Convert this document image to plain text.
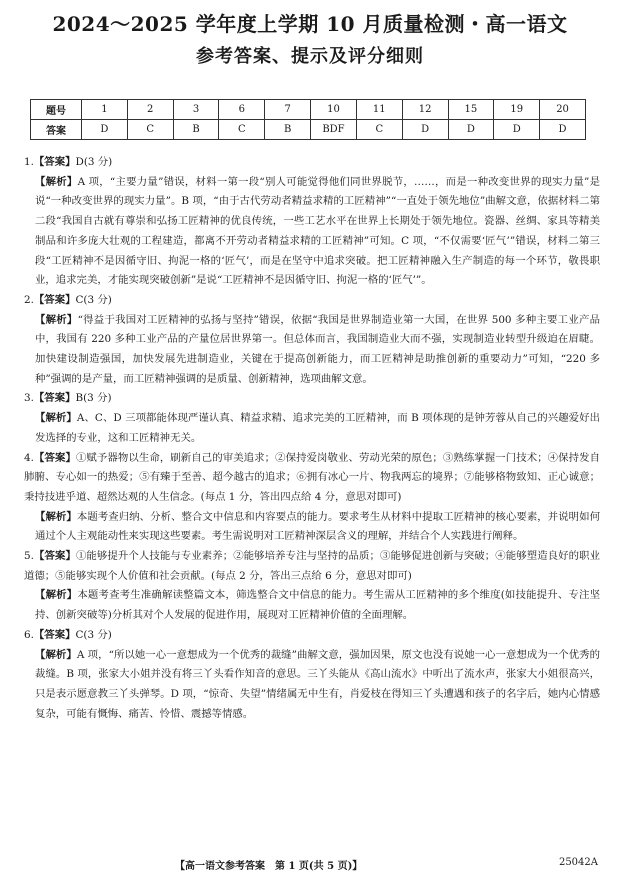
2024～2025 学年度上学期 10 月质量检测・高一语文
参考答案、提示及评分细则
题号	1	2	3	6	7	10	11	12	15	19	20
答案	D	C	B	C	B	BDF	C	D	D	D	D

1.【答案】D(3 分)

【解析】A 项，“主要力量”错误，材料一第一段“别人可能觉得他们同世界脱节，……，而是一种改变世界的现实力量”是说“一种改变世界的现实力量”。B 项，“由于古代劳动者精益求精的工匠精神”“一直处于领先地位”曲解文意，依据材料二第二段“我国自古就有尊崇和弘扬工匠精神的优良传统，一些工艺水平在世界上长期处于领先地位。瓷器、丝绸、家具等精美制品和许多庞大壮观的工程建造，都离不开劳动者精益求精的工匠精神”可知。C 项，“不仅需要‘匠气’”错误，材料二第三段“工匠精神不是因循守旧、拘泥一格的‘匠气’，而是在坚守中追求突破。把工匠精神融入生产制造的每一个环节，敬畏职业，追求完美，才能实现突破创新”是说“工匠精神不是因循守旧、拘泥一格的‘匠气’”。

2.【答案】C(3 分)

【解析】“得益于我国对工匠精神的弘扬与坚持”错误，依据“我国是世界制造业第一大国，在世界 500 多种主要工业产品中，我国有 220 多种工业产品的产量位居世界第一。但总体而言，我国制造业大而不强，实现制造业转型升级迫在眉睫。加快建设制造强国，加快发展先进制造业，关键在于提高创新能力，而工匠精神是助推创新的重要动力”可知，“220 多种”强调的是产量，而工匠精神强调的是质量、创新精神，选项曲解文意。

3.【答案】B(3 分)

【解析】A、C、D 三项都能体现严谨认真、精益求精、追求完美的工匠精神，而 B 项体现的是钟芳蓉从自己的兴趣爱好出发选择的专业，这和工匠精神无关。

4.【答案】①赋予器物以生命，刷新自己的审美追求；②保持爱岗敬业、劳动光荣的原色；③熟练掌握一门技术；④保持发自肺腑、专心如一的热爱；⑤有臻于至善、超今越古的追求；⑥拥有冰心一片、物我两忘的境界；⑦能够格物致知、正心诚意；秉持技进乎道、超然达观的人生信念。(每点 1 分，答出四点给 4 分，意思对即可)

【解析】本题考查归纳、分析、整合文中信息和内容要点的能力。要求考生从材料中提取工匠精神的核心要素，并说明如何通过个人主观能动性来实现这些要素。考生需说明对工匠精神深层含义的理解，并结合个人实践进行阐释。

5.【答案】①能够提升个人技能与专业素养；②能够培养专注与坚持的品质；③能够促进创新与突破；④能够塑造良好的职业道德；⑤能够实现个人价值和社会贡献。(每点 2 分，答出三点给 6 分，意思对即可)

【解析】本题考查考生准确解读整篇文本，筛选整合文中信息的能力。考生需从工匠精神的多个维度(如技能提升、专注坚持、创新突破等)分析其对个人发展的促进作用，展现对工匠精神价值的全面理解。

6.【答案】C(3 分)

【解析】A 项，“所以她一心一意想成为一个优秀的裁缝”曲解文意，强加因果，原文也没有说她一心一意想成为一个优秀的裁缝。B 项，张家大小姐并没有将三丫头看作知音的意思。三丫头能从《高山流水》中听出了流水声，张家大小姐很高兴，只是表示愿意教三丫头弹琴。D 项，“惊奇、失望”情绪属无中生有，肖爱枝在得知三丫头遭遇和孩子的名字后，她内心情感复杂，可能有慨悔、痛苦、怜惜、震撼等情感。

【高一语文参考答案　第 1 页(共 5 页)】	25042A
